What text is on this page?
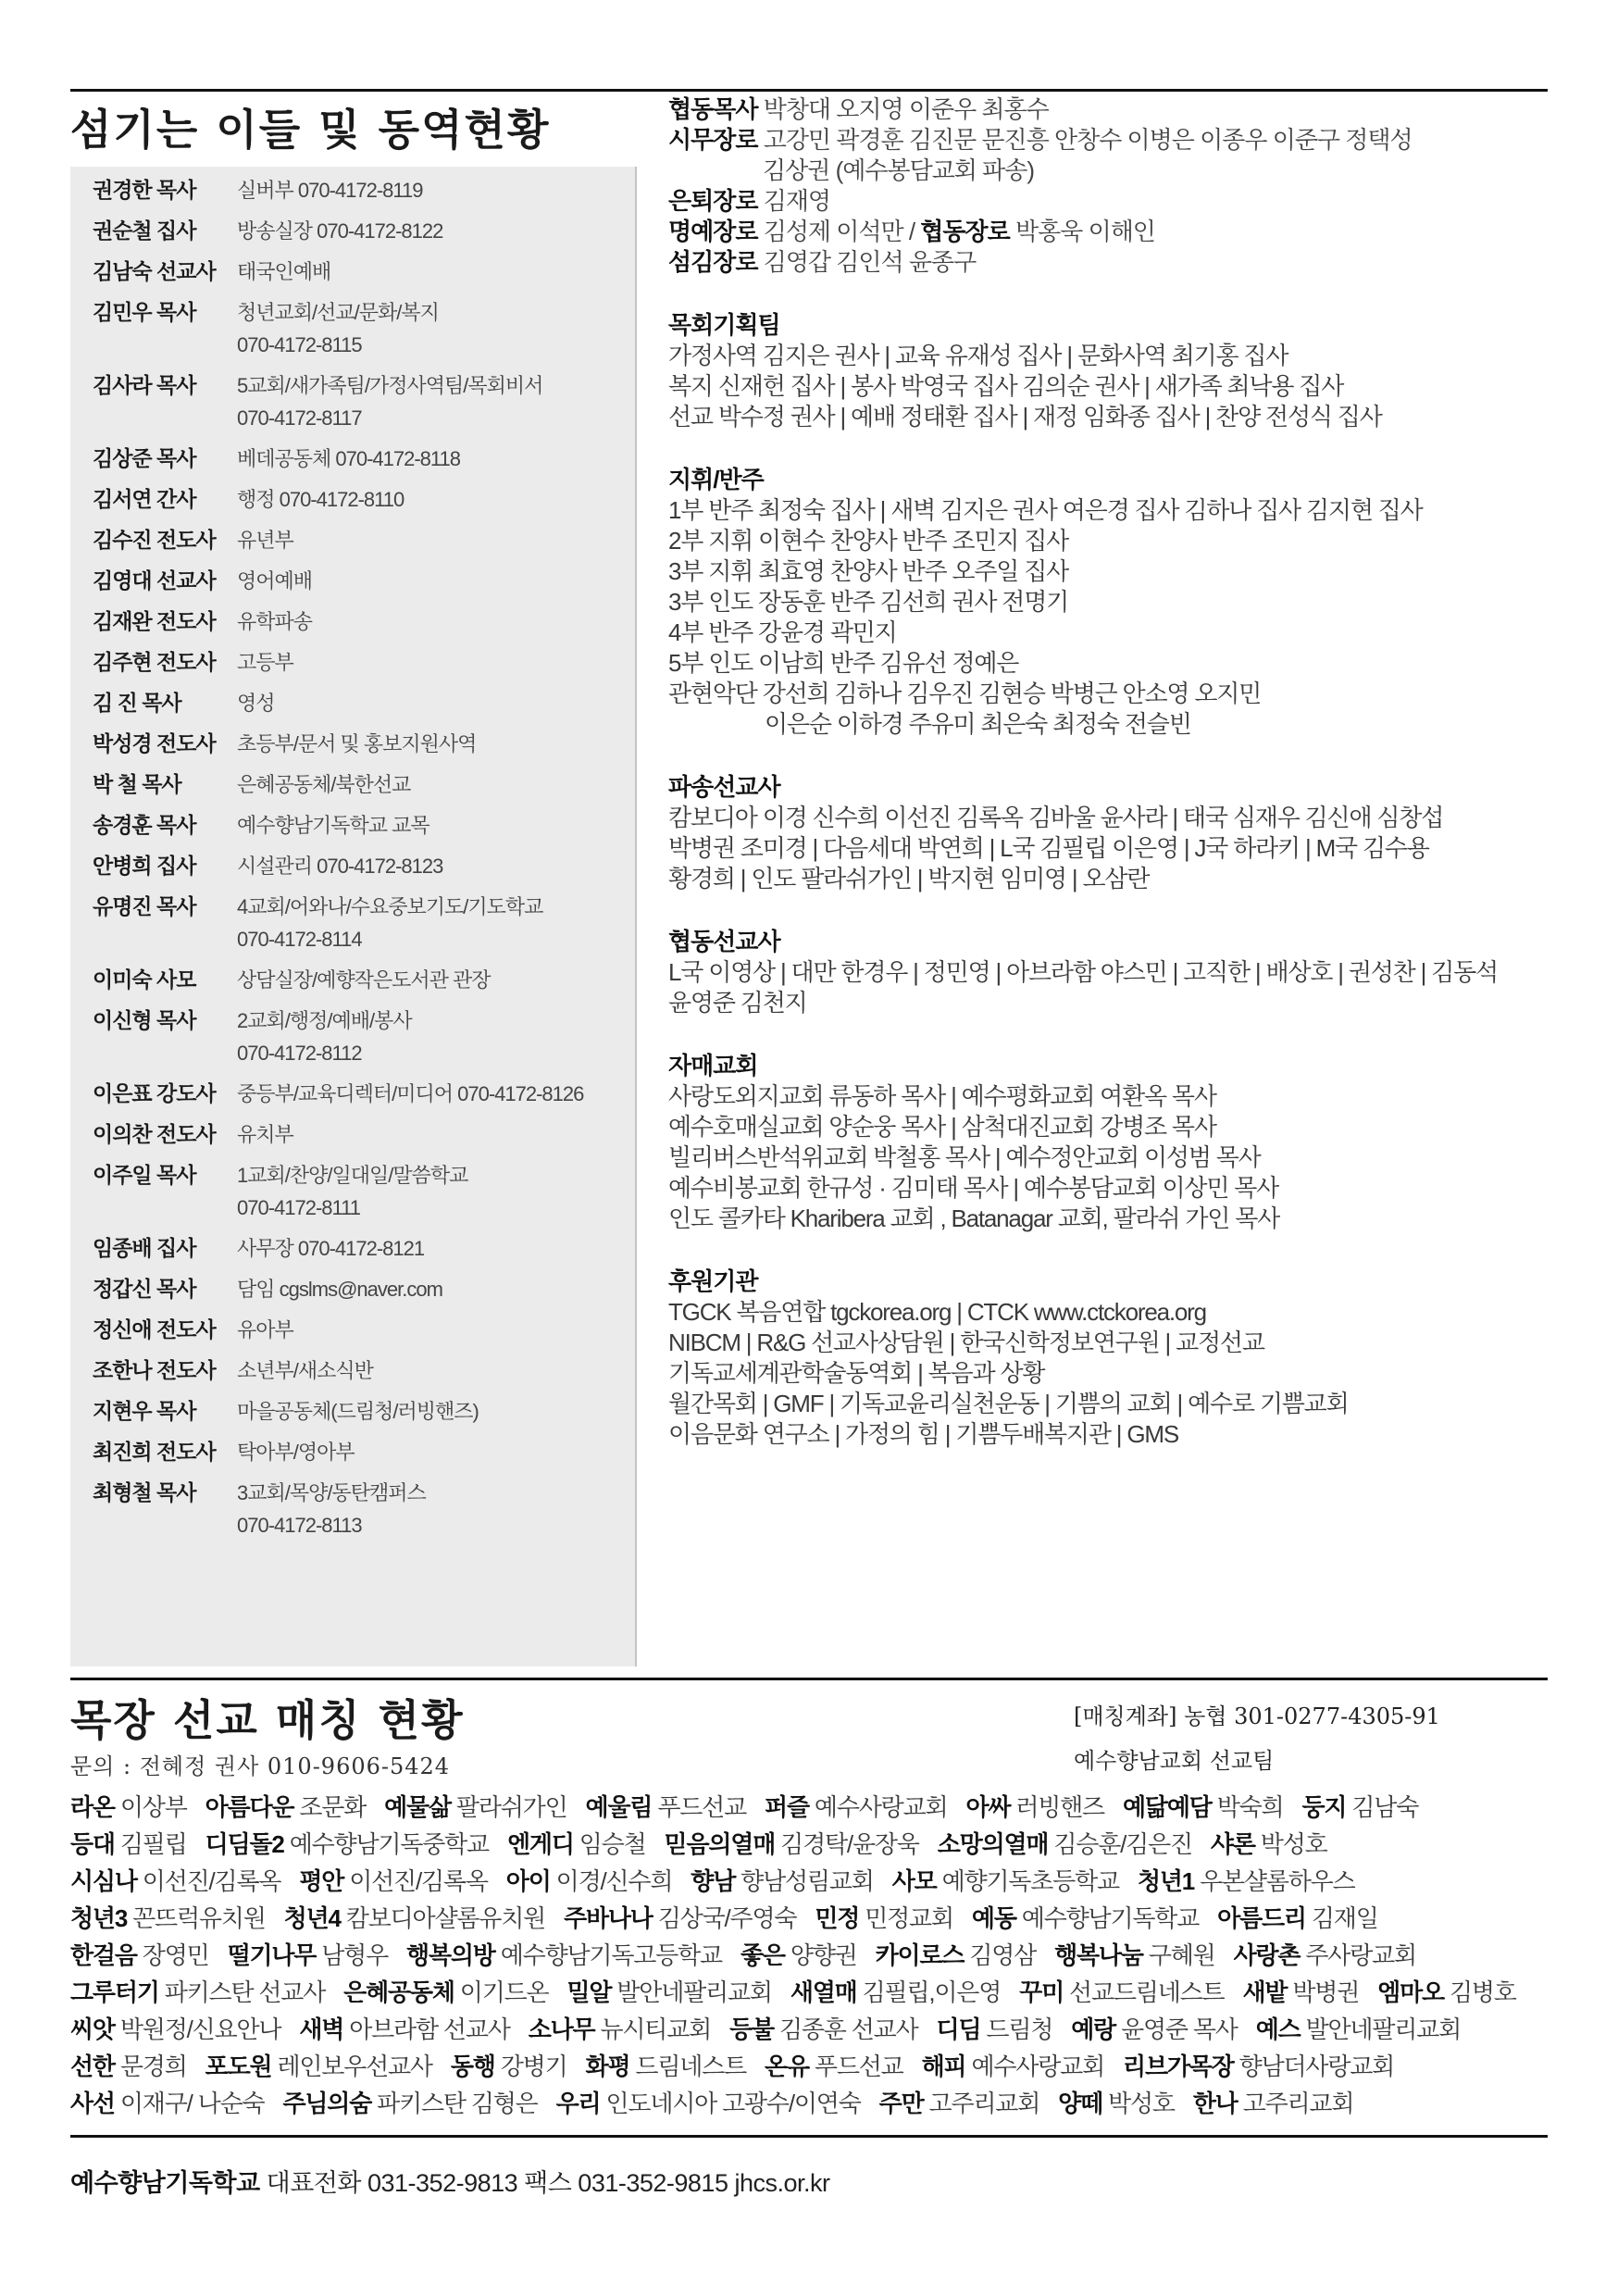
섬기는 이들 및 동역현황
권경한 목사	실버부 070-4172-8119
권순철 집사	방송실장 070-4172-8122
김남숙 선교사	태국인예배
김민우 목사	청년교회/선교/문화/복지
070-4172-8115
김사라 목사	5교회/새가족팀/가정사역팀/목회비서
070-4172-8117
김상준 목사	베데공동체 070-4172-8118
김서연 간사	행정 070-4172-8110
김수진 전도사	유년부
김영대 선교사	영어예배
김재완 전도사	유학파송
김주현 전도사	고등부
김 진 목사	영성
박성경 전도사	초등부/문서 및 홍보지원사역
박 철 목사	은혜공동체/북한선교
송경훈 목사	예수향남기독학교 교목
안병희 집사	시설관리 070-4172-8123
유명진 목사	4교회/어와나/수요중보기도/기도학교
070-4172-8114
이미숙 사모	상담실장/예향작은도서관 관장
이신형 목사	2교회/행정/예배/봉사
070-4172-8112
이은표 강도사	중등부/교육디렉터/미디어 070-4172-8126
이의찬 전도사	유치부
이주일 목사	1교회/찬양/일대일/말씀학교
070-4172-8111
임종배 집사	사무장 070-4172-8121
정갑신 목사	담임 cgslms@naver.com
정신애 전도사	유아부
조한나 전도사	소년부/새소식반
지현우 목사	마을공동체(드림청/러빙핸즈)
최진희 전도사	탁아부/영아부
최형철 목사	3교회/목양/동탄캠퍼스
070-4172-8113
협동목사 박창대 오지영 이준우 최홍수
시무장로 고강민 곽경훈 김진문 문진흥 안창수 이병은 이종우 이준구 정택성
김상권 (예수봉담교회 파송)
은퇴장로 김재영
명예장로 김성제 이석만 / 협동장로 박홍욱 이해인
섬김장로 김영갑 김인석 윤종구
목회기획팀
가정사역 김지은 권사 | 교육 유재성 집사 | 문화사역 최기홍 집사
복지 신재헌 집사 | 봉사 박영국 집사 김의순 권사 | 새가족 최낙용 집사
선교 박수정 권사 | 예배 정태환 집사 | 재정 임화종 집사 | 찬양 전성식 집사
지휘/반주
1부 반주 최정숙 집사 | 새벽 김지은 권사 여은경 집사 김하나 집사 김지현 집사
2부 지휘 이현수 찬양사 반주 조민지 집사
3부 지휘 최효영 찬양사 반주 오주일 집사
3부 인도 장동훈 반주 김선희 권사 전명기
4부 반주 강윤경 곽민지
5부 인도 이남희 반주 김유선 정예은
관현악단 강선희 김하나 김우진 김현승 박병근 안소영 오지민
이은순 이하경 주유미 최은숙 최정숙 전슬빈
파송선교사
캄보디아 이경 신수희 이선진 김록옥 김바울 윤사라 | 태국 심재우 김신애 심창섭
박병권 조미경 | 다음세대 박연희 | L국 김필립 이은영 | J국 하라키 | M국 김수용
황경희 | 인도 팔라쉬가인 | 박지현 임미영 | 오삼란
협동선교사
L국 이영상 | 대만 한경우 | 정민영 | 아브라함 야스민 | 고직한 | 배상호 | 권성찬 | 김동석
윤영준 김천지
자매교회
사랑도외지교회 류동하 목사 | 예수평화교회 여환옥 목사
예수호매실교회 양순웅 목사 | 삼척대진교회 강병조 목사
빌리버스반석위교회 박철홍 목사 | 예수정안교회 이성범 목사
예수비봉교회 한규성 · 김미태 목사 | 예수봉담교회 이상민 목사
인도 콜카타 Kharibera 교회 , Batanagar 교회, 팔라쉬 가인 목사
후원기관
TGCK 복음연합 tgckorea.org | CTCK www.ctckorea.org
NIBCM | R&G 선교사상담원 | 한국신학정보연구원 | 교정선교
기독교세계관학술동역회 | 복음과 상황
월간목회 | GMF | 기독교윤리실천운동 | 기쁨의 교회 | 예수로 기쁨교회
이음문화 연구소 | 가정의 힘 | 기쁨두배복지관 | GMS
목장 선교 매칭 현황
문의 : 전혜정 권사 010-9606-5424
[매칭계좌] 농협 301-0277-4305-91
예수향남교회 선교팀
라온 이상부 아름다운 조문화 예물삶 팔라쉬가인 예울림 푸드선교 퍼즐 예수사랑교회 아싸 러빙핸즈 예닮예담 박숙희 둥지 김남숙 등대 김필립 디딤돌2 예수향남기독중학교 엔게디 임승철 믿음의열매 김경탁/윤장욱 소망의열매 김승훈/김은진 샤론 박성호 시심나 이선진/김록옥 평안 이선진/김록옥 아이 이경/신수희 향남 향남성림교회 사모 예향기독초등학교 청년1 우본샬롬하우스 청년3 꼰뜨럭유치원 청년4 캄보디아샬롬유치원 주바나나 김상국/주영숙 민정 민정교회 예동 예수향남기독학교 아름드리 김재일 한걸음 장영민 떨기나무 남형우 행복의방 예수향남기독고등학교 좋은 양향권 카이로스 김영삼 행복나눔 구혜원 사랑촌 주사랑교회 그루터기 파키스탄 선교사 은혜공동체 이기드온 밀알 발안네팔리교회 새열매 김필립,이은영 꾸미 선교드림네스트 새밭 박병권 엠마오 김병호 씨앗 박원정/신요안나 새벽 아브라함 선교사 소나무 뉴시티교회 등불 김종훈 선교사 디딤 드림청 예랑 윤영준 목사 예스 발안네팔리교회 선한 문경희 포도원 레인보우선교사 동행 강병기 화평 드림네스트 온유 푸드선교 해피 예수사랑교회 리브가목장 향남더사랑교회 사선 이재구/ 나순숙 주님의숨 파키스탄 김형은 우리 인도네시아 고광수/이연숙 주만 고주리교회 양떼 박성호 한나 고주리교회
예수향남기독학교 대표전화 031-352-9813 팩스 031-352-9815 jhcs.or.kr
